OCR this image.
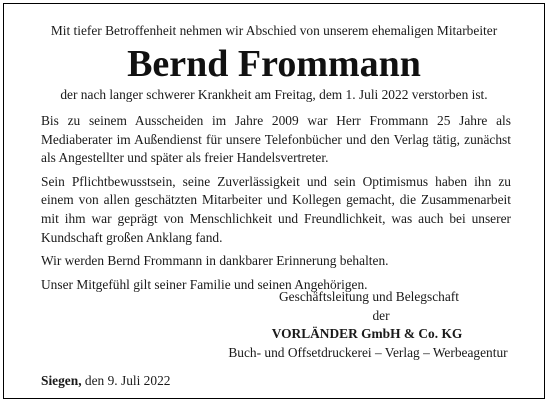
Mit tiefer Betroffenheit nehmen wir Abschied von unserem ehemaligen Mitarbeiter
Bernd Frommann
der nach langer schwerer Krankheit am Freitag, dem 1. Juli 2022 verstorben ist.

Bis zu seinem Ausscheiden im Jahre 2009 war Herr Frommann 25 Jahre als Mediaberater im Außendienst für unsere Telefonbücher und den Verlag tätig, zunächst als Angestellter und später als freier Handelsvertreter.

Sein Pflichtbewusstsein, seine Zuverlässigkeit und sein Optimismus haben ihn zu einem von allen geschätzten Mitarbeiter und Kollegen gemacht, die Zusammenarbeit mit ihm war geprägt von Menschlichkeit und Freundlichkeit, was auch bei unserer Kundschaft großen Anklang fand.

Wir werden Bernd Frommann in dankbarer Erinnerung behalten.

Unser Mitgefühl gilt seiner Familie und seinen Angehörigen.

Geschäftsleitung und Belegschaft
der
VORLÄNDER GmbH & Co. KG
Buch- und Offsetdruckerei – Verlag – Werbeagentur
Siegen, den 9. Juli 2022
